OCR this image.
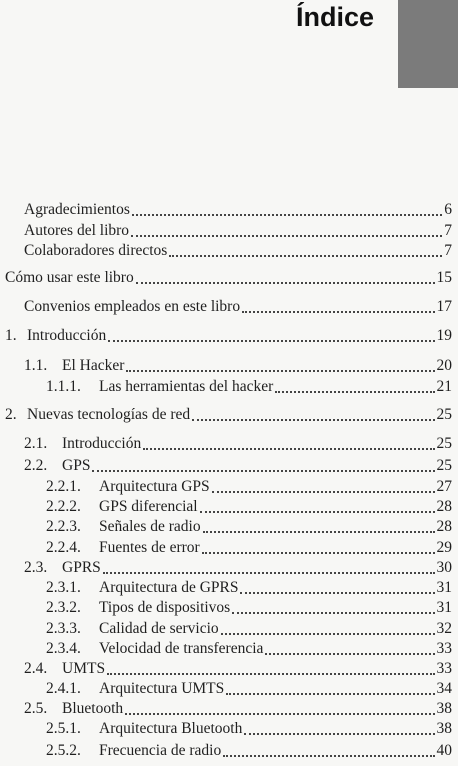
Índice
Agradecimientos	6
Autores del libro	7
Colaboradores directos	7
Cómo usar este libro	15
Convenios empleados en este libro	17
1. Introducción	19
1.1. El Hacker	20
1.1.1.	Las herramientas del hacker	21
2. Nuevas tecnologías de red	25
2.1. Introducción	25
2.2. GPS	25
2.2.1.	Arquitectura GPS	27
2.2.2.	GPS diferencial	28
2.2.3.	Señales de radio	28
2.2.4.	Fuentes de error	29
2.3. GPRS	30
2.3.1.	Arquitectura de GPRS	31
2.3.2.	Tipos de dispositivos	31
2.3.3.	Calidad de servicio	32
2.3.4.	Velocidad de transferencia	33
2.4. UMTS	33
2.4.1.	Arquitectura UMTS	34
2.5. Bluetooth	38
2.5.1.	Arquitectura Bluetooth	38
2.5.2.	Frecuencia de radio	40
